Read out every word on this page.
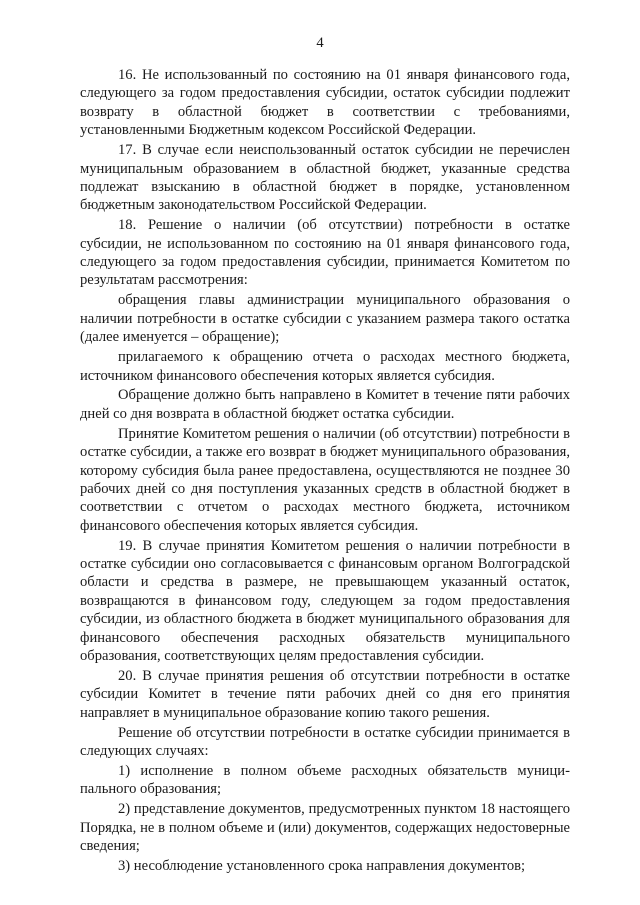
4

16. Не использованный по состоянию на 01 января финансового года, следующего за годом предоставления субсидии, остаток субсидии подлежит возврату в областной бюджет в соответствии с требованиями, установленными Бюджетным кодексом Российской Федерации.

17. В случае если неиспользованный остаток субсидии не перечислен муниципальным образованием в областной бюджет, указанные средства подлежат взысканию в областной бюджет в порядке, установленном бюджетным законодательством Российской Федерации.

18. Решение о наличии (об отсутствии) потребности в остатке субсидии, не использованном по состоянию на 01 января финансового года, следующего за годом предоставления субсидии, принимается Комитетом по результатам рассмотрения:

обращения главы администрации муниципального образования о наличии потребности в остатке субсидии с указанием размера такого остатка (далее именуется – обращение);

прилагаемого к обращению отчета о расходах местного бюджета, источником финансового обеспечения которых является субсидия.

Обращение должно быть направлено в Комитет в течение пяти рабочих дней со дня возврата в областной бюджет остатка субсидии.

Принятие Комитетом решения о наличии (об отсутствии) потребности в остатке субсидии, а также его возврат в бюджет муниципального образования, которому субсидия была ранее предоставлена, осуществляются не позднее 30 рабочих дней со дня поступления указанных средств в областной бюджет в соответствии с отчетом о расходах местного бюджета, источником финансового обеспечения которых является субсидия.

19. В случае принятия Комитетом решения о наличии потребности в остатке субсидии оно согласовывается с финансовым органом Волгоградской области и средства в размере, не превышающем указанный остаток, возвращаются в финансовом году, следующем за годом предоставления субсидии, из областного бюджета в бюджет муниципального образования для финансового обеспечения расходных обязательств муниципального образования, соответствующих целям предоставления субсидии.

20. В случае принятия решения об отсутствии потребности в остатке субсидии Комитет в течение пяти рабочих дней со дня его принятия направляет в муниципальное образование копию такого решения.

Решение об отсутствии потребности в остатке субсидии принимается в следующих случаях:

1) исполнение в полном объеме расходных обязательств муниципального образования;

2) представление документов, предусмотренных пунктом 18 настоящего Порядка, не в полном объеме и (или) документов, содержащих недостоверные сведения;

3) несоблюдение установленного срока направления документов;
